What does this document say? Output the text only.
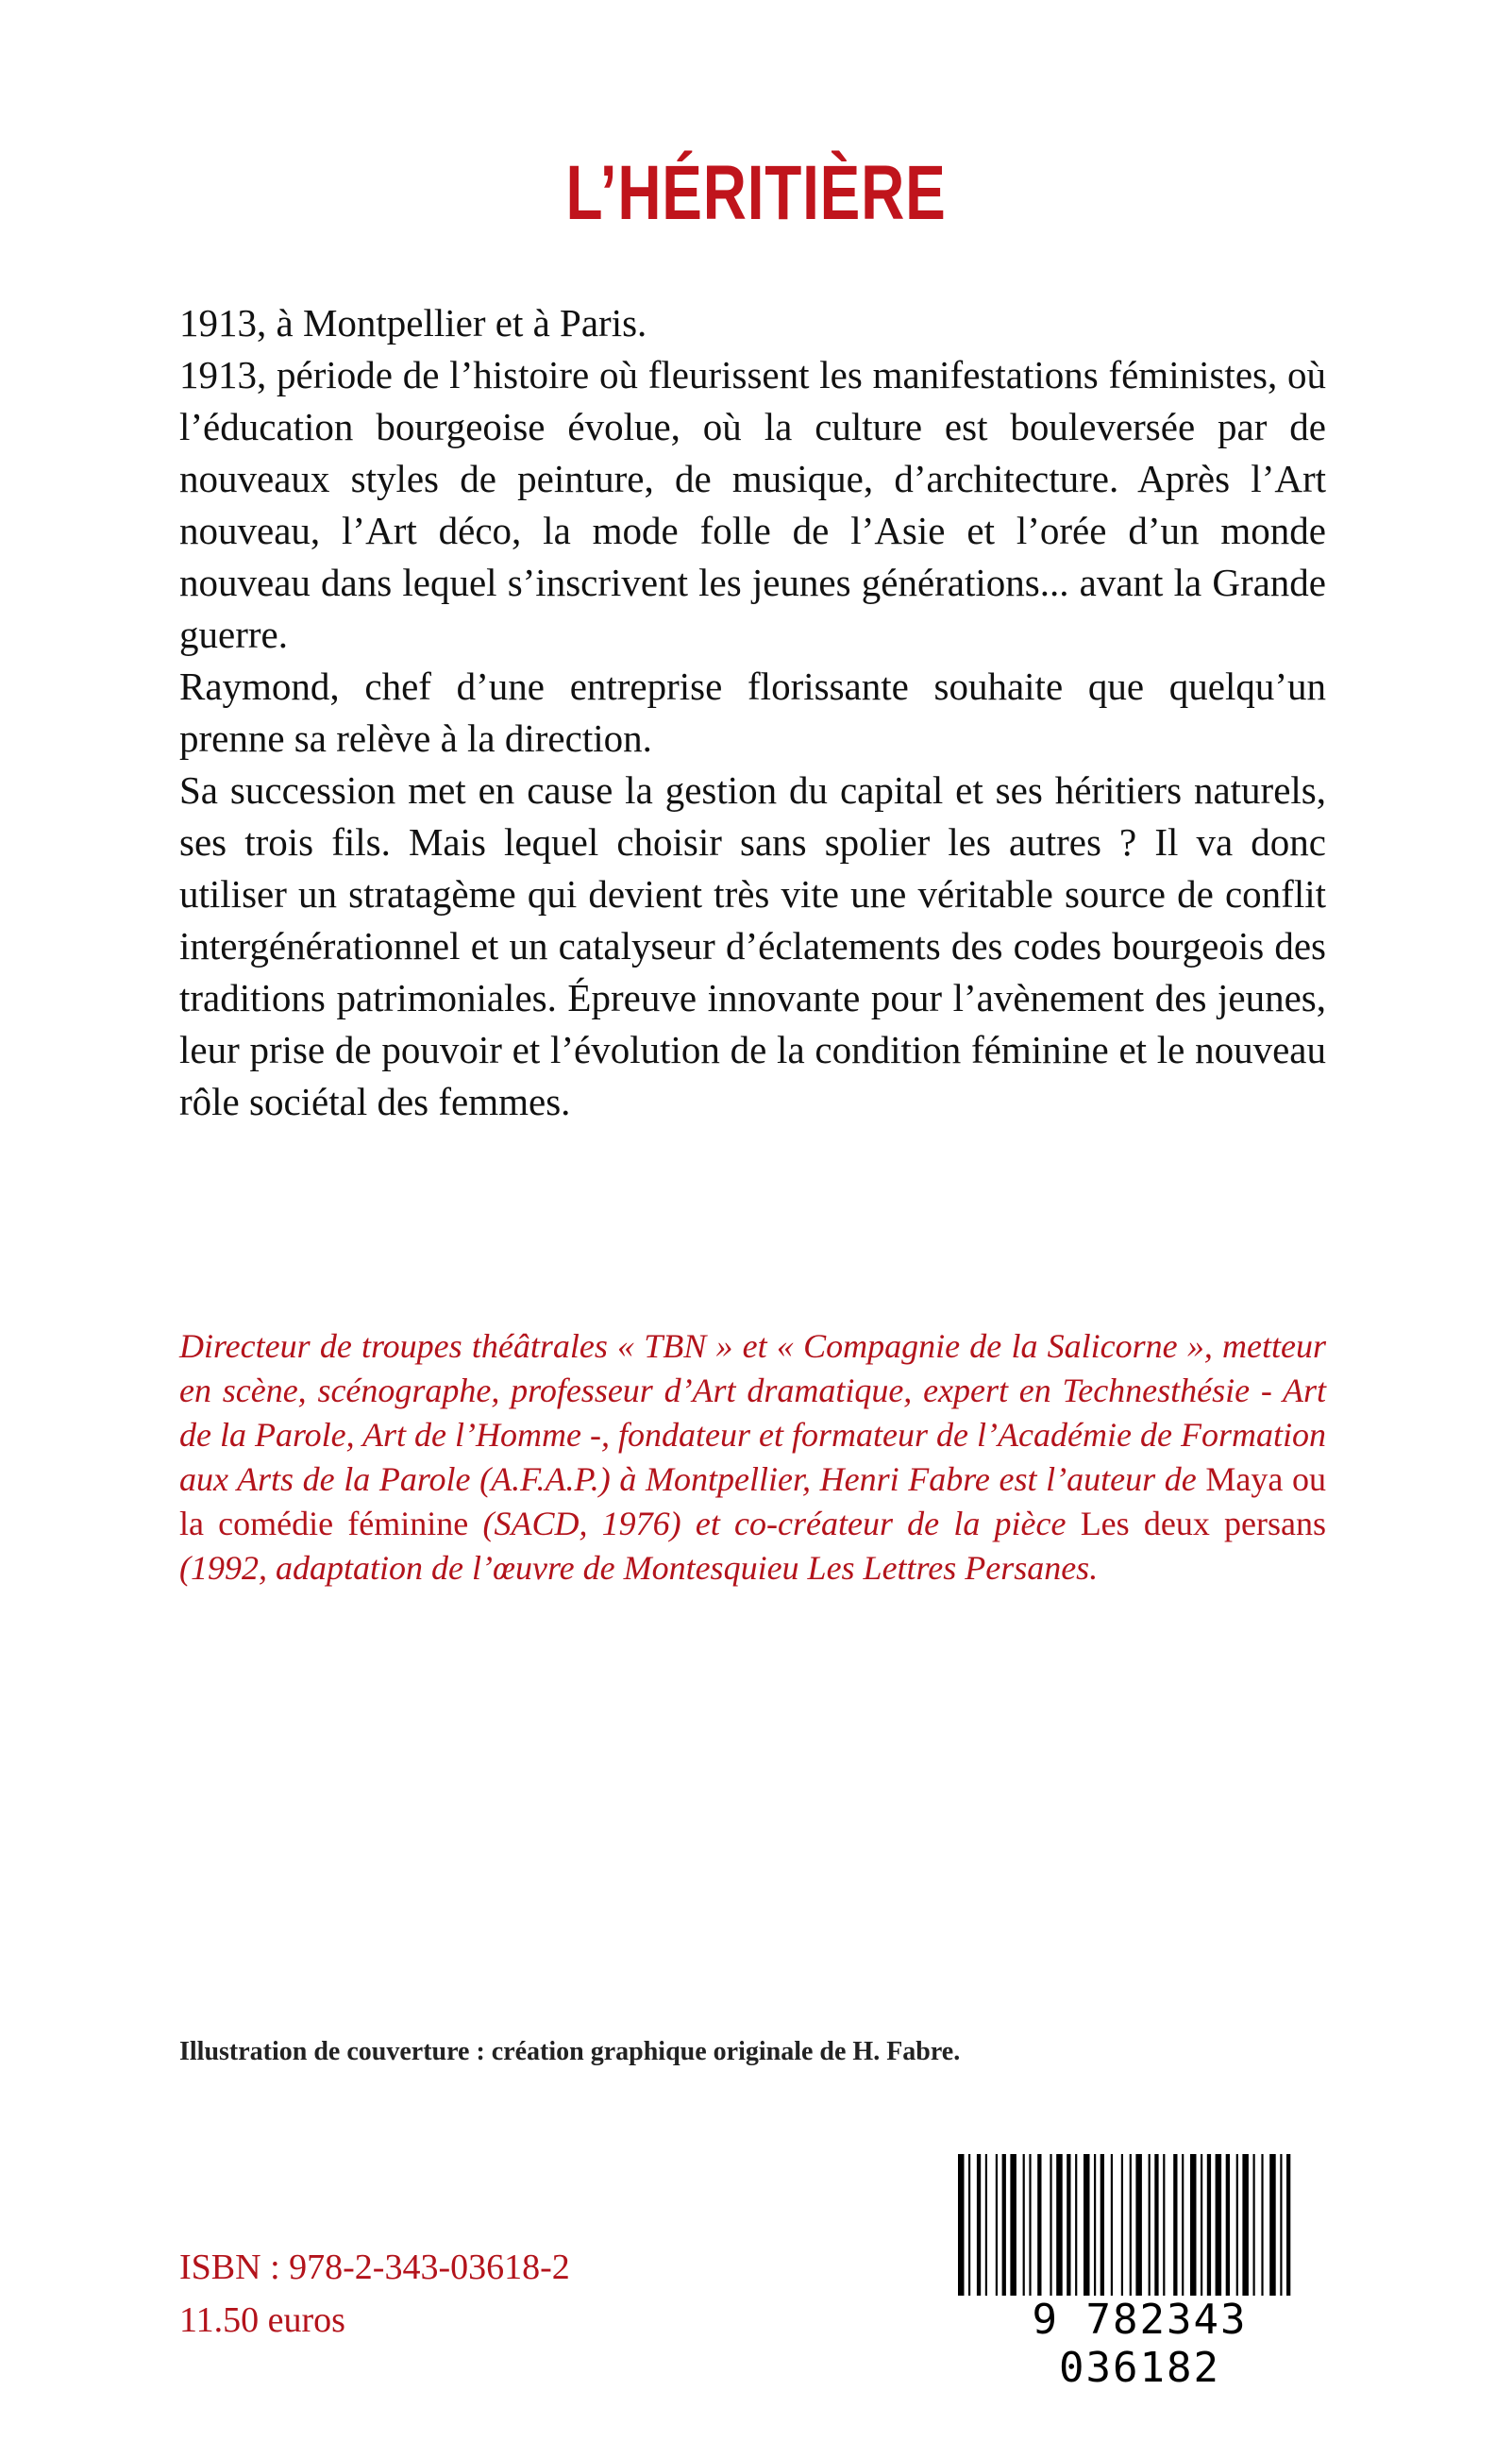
L’HÉRITIÈRE

1913, à Montpellier et à Paris.

1913, période de l’histoire où fleurissent les manifestations féministes, où l’éducation bourgeoise évolue, où la culture est bouleversée par de nouveaux styles de peinture, de musique, d’architecture. Après l’Art nouveau, l’Art déco, la mode folle de l’Asie et l’orée d’un monde nouveau dans lequel s’inscrivent les jeunes générations... avant la Grande guerre.

Raymond, chef d’une entreprise florissante souhaite que quelqu’un prenne sa relève à la direction.

Sa succession met en cause la gestion du capital et ses héritiers naturels, ses trois fils. Mais lequel choisir sans spolier les autres ? Il va donc utiliser un stratagème qui devient très vite une véritable source de conflit intergénérationnel et un catalyseur d’éclatements des codes bourgeois des traditions patrimoniales. Épreuve innovante pour l’avènement des jeunes, leur prise de pouvoir et l’évolution de la condition féminine et le nouveau rôle sociétal des femmes.

Directeur de troupes théâtrales « TBN » et « Compagnie de la Salicorne », metteur en scène, scénographe, professeur d’Art dramatique, expert en Technesthésie - Art de la Parole, Art de l’Homme -, fondateur et formateur de l’Académie de Formation aux Arts de la Parole (A.F.A.P.) à Montpellier, Henri Fabre est l’auteur de Maya ou la comédie féminine (SACD, 1976) et co-créateur de la pièce Les deux persans (1992, adaptation de l’œuvre de Montesquieu Les Lettres Persanes.

Illustration de couverture : création graphique originale de H. Fabre.

ISBN : 978-2-343-03618-2

11.50 euros	9 782343 036182
